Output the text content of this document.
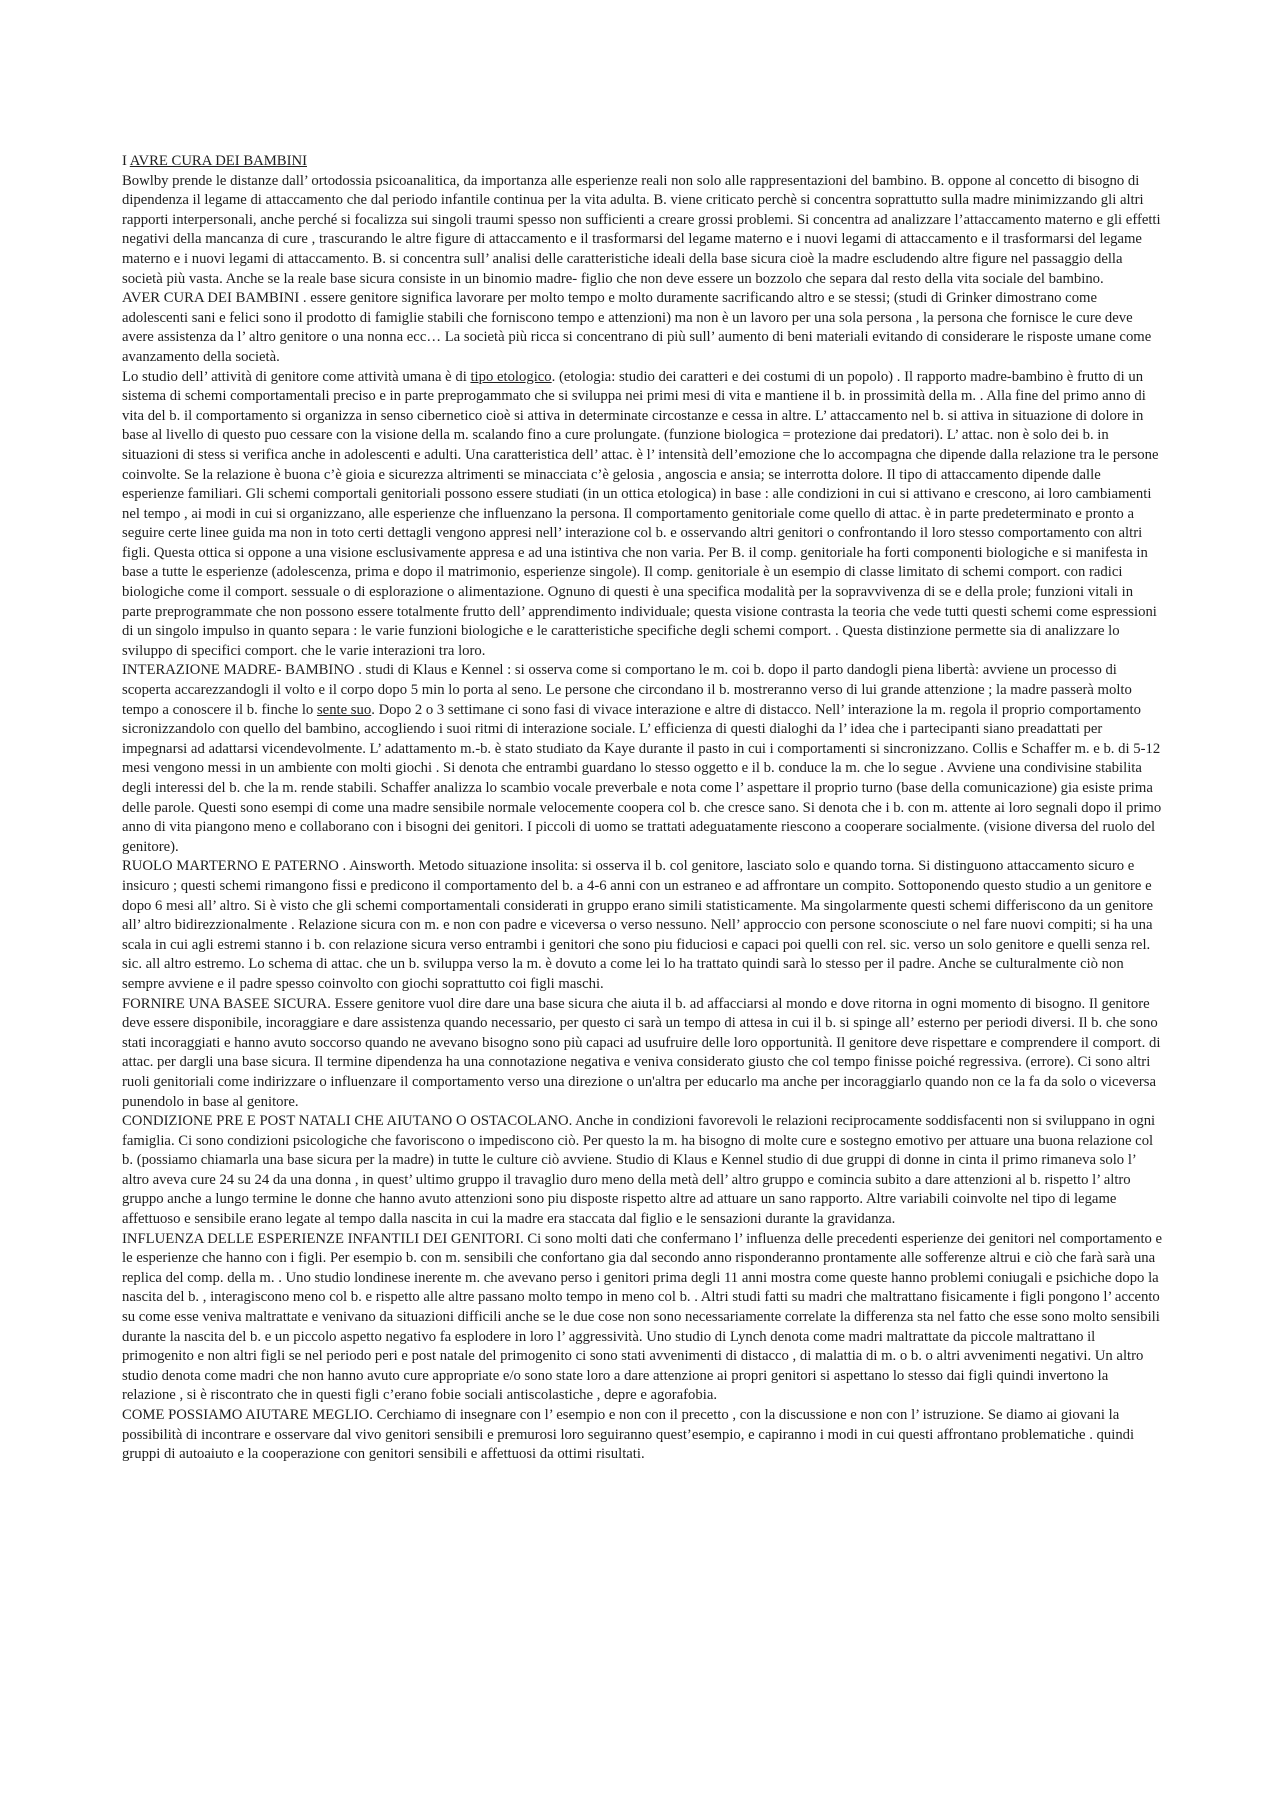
I AVRE CURA DEI BAMBINI

Bowlby prende le distanze dall’ ortodossia psicoanalitica, da importanza alle esperienze reali non solo alle rappresentazioni del bambino. B. oppone al concetto di bisogno di dipendenza il legame di attaccamento che dal periodo infantile continua per la vita adulta. B. viene criticato perchè si concentra soprattutto sulla madre minimizzando gli altri rapporti interpersonali, anche perché si focalizza sui singoli traumi spesso non sufficienti a creare grossi problemi. Si concentra ad analizzare l’attaccamento materno e gli effetti negativi della mancanza di cure , trascurando le altre figure di attaccamento e il trasformarsi del legame materno e i nuovi legami di attaccamento e il trasformarsi del legame materno e i nuovi legami di attaccamento. B. si concentra sull’ analisi delle caratteristiche ideali della base sicura cioè la madre escludendo altre figure nel passaggio della società più vasta. Anche se la reale base sicura consiste in un binomio madre- figlio che non deve essere un bozzolo che separa dal resto della vita sociale del bambino.

AVER CURA DEI BAMBINI . essere genitore significa lavorare per molto tempo e molto duramente sacrificando altro e se stessi; (studi di Grinker dimostrano come adolescenti sani e felici sono il prodotto di famiglie stabili che forniscono tempo e attenzioni) ma non è un lavoro per una sola persona , la persona che fornisce le cure deve avere assistenza da l’ altro genitore o una nonna ecc… La società più ricca si concentrano di più sull’ aumento di beni materiali evitando di considerare le risposte umane come avanzamento della società.

Lo studio dell’ attività di genitore come attività umana è di tipo etologico. (etologia: studio dei caratteri e dei costumi di un popolo) . Il rapporto madre-bambino è frutto di un sistema di schemi comportamentali preciso e in parte preprogammato che si sviluppa nei primi mesi di vita e mantiene il b. in prossimità della m. . Alla fine del primo anno di vita del b. il comportamento si organizza in senso cibernetico cioè si attiva in determinate circostanze e cessa in altre. L’ attaccamento nel b. si attiva in situazione di dolore in base al livello di questo puo cessare con la visione della m. scalando fino a cure prolungate. (funzione biologica = protezione dai predatori). L’ attac. non è solo dei b. in situazioni di stess si verifica anche in adolescenti e adulti. Una caratteristica dell’ attac. è l’ intensità dell’emozione che lo accompagna che dipende dalla relazione tra le persone coinvolte. Se la relazione è buona c’è gioia e sicurezza altrimenti se minacciata c’è gelosia , angoscia e ansia; se interrotta dolore. Il tipo di attaccamento dipende dalle esperienze familiari. Gli schemi comportali genitoriali possono essere studiati (in un ottica etologica) in base : alle condizioni in cui si attivano e crescono, ai loro cambiamenti nel tempo , ai modi in cui si organizzano, alle esperienze che influenzano la persona. Il comportamento genitoriale come quello di attac. è in parte predeterminato e pronto a seguire certe linee guida ma non in toto certi dettagli vengono appresi nell’ interazione col b. e osservando altri genitori o confrontando il loro stesso comportamento con altri figli. Questa ottica si oppone a una visione esclusivamente appresa e ad una istintiva che non varia. Per B. il comp. genitoriale ha forti componenti biologiche e si manifesta in base a tutte le esperienze (adolescenza, prima e dopo il matrimonio, esperienze singole). Il comp. genitoriale è un esempio di classe limitato di schemi comport. con radici biologiche come il comport. sessuale o di esplorazione o alimentazione. Ognuno di questi è una specifica modalità per la sopravvivenza di se e della prole; funzioni vitali in parte preprogrammate che non possono essere totalmente frutto dell’ apprendimento individuale; questa visione contrasta la teoria che vede tutti questi schemi come espressioni di un singolo impulso in quanto separa : le varie funzioni biologiche e le caratteristiche specifiche degli schemi comport. . Questa distinzione permette sia di analizzare lo sviluppo di specifici comport. che le varie interazioni tra loro.

INTERAZIONE MADRE- BAMBINO . studi di Klaus e Kennel : si osserva come si comportano le m. coi b. dopo il parto dandogli piena libertà: avviene un processo di scoperta accarezzandogli il volto e il corpo dopo 5 min lo porta al seno. Le persone che circondano il b. mostreranno verso di lui grande attenzione ; la madre passerà molto tempo a conoscere il b. finche lo sente suo. Dopo 2 o 3 settimane ci sono fasi di vivace interazione e altre di distacco. Nell’ interazione la m. regola il proprio comportamento sicronizzandolo con quello del bambino, accogliendo i suoi ritmi di interazione sociale. L’ efficienza di questi dialoghi da l’ idea che i partecipanti siano preadattati per impegnarsi ad adattarsi vicendevolmente. L’ adattamento m.-b. è stato studiato da Kaye durante il pasto in cui i comportamenti si sincronizzano. Collis e Schaffer m. e b. di 5-12 mesi vengono messi in un ambiente con molti giochi . Si denota che entrambi guardano lo stesso oggetto e il b. conduce la m. che lo segue . Avviene una condivisine stabilita degli interessi del b. che la m. rende stabili. Schaffer analizza lo scambio vocale preverbale e nota come l’ aspettare il proprio turno (base della comunicazione) gia esiste prima delle parole. Questi sono esempi di come una madre sensibile normale velocemente coopera col b. che cresce sano. Si denota che i b. con m. attente ai loro segnali dopo il primo anno di vita piangono meno e collaborano con i bisogni dei genitori. I piccoli di uomo se trattati adeguatamente riescono a cooperare socialmente. (visione diversa del ruolo del genitore).

RUOLO MARTERNO E PATERNO . Ainsworth. Metodo situazione insolita: si osserva il b. col genitore, lasciato solo e quando torna. Si distinguono attaccamento sicuro e insicuro ; questi schemi rimangono fissi e predicono il comportamento del b. a 4-6 anni con un estraneo e ad affrontare un compito. Sottoponendo questo studio a un genitore e dopo 6 mesi all’ altro. Si è visto che gli schemi comportamentali considerati in gruppo erano simili statisticamente. Ma singolarmente questi schemi differiscono da un genitore all’ altro bidirezzionalmente . Relazione sicura con m. e non con padre e viceversa o verso nessuno. Nell’ approccio con persone sconosciute o nel fare nuovi compiti; si ha una scala in cui agli estremi stanno i b. con relazione sicura verso entrambi i genitori che sono piu fiduciosi e capaci poi quelli con rel. sic. verso un solo genitore e quelli senza rel. sic. all altro estremo. Lo schema di attac. che un b. sviluppa verso la m. è dovuto a come lei lo ha trattato quindi sarà lo stesso per il padre. Anche se culturalmente ciò non sempre avviene e il padre spesso coinvolto con giochi soprattutto coi figli maschi.

FORNIRE UNA BASEE SICURA. Essere genitore vuol dire dare una base sicura che aiuta il b. ad affacciarsi al mondo e dove ritorna in ogni momento di bisogno. Il genitore deve essere disponibile, incoraggiare e dare assistenza quando necessario, per questo ci sarà un tempo di attesa in cui il b. si spinge all’ esterno per periodi diversi. Il b. che sono stati incoraggiati e hanno avuto soccorso quando ne avevano bisogno sono più capaci ad usufruire delle loro opportunità. Il genitore deve rispettare e comprendere il comport. di attac. per dargli una base sicura. Il termine dipendenza ha una connotazione negativa e veniva considerato giusto che col tempo finisse poiché regressiva. (errore). Ci sono altri ruoli genitoriali come indirizzare o influenzare il comportamento verso una direzione o un'altra per educarlo ma anche per incoraggiarlo quando non ce la fa da solo o viceversa punendolo in base al genitore.

CONDIZIONE PRE E POST NATALI CHE AIUTANO O OSTACOLANO. Anche in condizioni favorevoli le relazioni reciprocamente soddisfacenti non si sviluppano in ogni famiglia. Ci sono condizioni psicologiche che favoriscono o impediscono ciò. Per questo la m. ha bisogno di molte cure e sostegno emotivo per attuare una buona relazione col b. (possiamo chiamarla una base sicura per la madre) in tutte le culture ciò avviene. Studio di Klaus e Kennel studio di due gruppi di donne in cinta il primo rimaneva solo l’ altro aveva cure 24 su 24 da una donna , in quest’ ultimo gruppo il travaglio duro meno della metà dell’ altro gruppo e comincia subito a dare attenzioni al b. rispetto l’ altro gruppo anche a lungo termine le donne che hanno avuto attenzioni sono piu disposte rispetto altre ad attuare un sano rapporto. Altre variabili coinvolte nel tipo di legame affettuoso e sensibile erano legate al tempo dalla nascita in cui la madre era staccata dal figlio e le sensazioni durante la gravidanza.

INFLUENZA DELLE ESPERIENZE INFANTILI DEI GENITORI. Ci sono molti dati che confermano l’ influenza delle precedenti esperienze dei genitori nel comportamento e le esperienze che hanno con i figli. Per esempio b. con m. sensibili che confortano gia dal secondo anno risponderanno prontamente alle sofferenze altrui e ciò che farà sarà una replica del comp. della m. . Uno studio londinese inerente m. che avevano perso i genitori prima degli 11 anni mostra come queste hanno problemi coniugali e psichiche dopo la nascita del b. , interagiscono meno col b. e rispetto alle altre passano molto tempo in meno col b. . Altri studi fatti su madri che maltrattano fisicamente i figli pongono l’ accento su come esse veniva maltrattate e venivano da situazioni difficili anche se le due cose non sono necessariamente correlate la differenza sta nel fatto che esse sono molto sensibili durante la nascita del b. e un piccolo aspetto negativo fa esplodere in loro l’ aggressività. Uno studio di Lynch denota come madri maltrattate da piccole maltrattano il primogenito e non altri figli se nel periodo peri e post natale del primogenito ci sono stati avvenimenti di distacco , di malattia di m. o b. o altri avvenimenti negativi. Un altro studio denota come madri che non hanno avuto cure appropriate e/o sono state loro a dare attenzione ai propri genitori si aspettano lo stesso dai figli quindi invertono la relazione , si è riscontrato che in questi figli c’erano fobie sociali antiscolastiche , depre e agorafobia.

COME POSSIAMO AIUTARE MEGLIO. Cerchiamo di insegnare con l’ esempio e non con il precetto , con la discussione e non con l’ istruzione. Se diamo ai giovani la possibilità di incontrare e osservare dal vivo genitori sensibili e premurosi loro seguiranno quest’esempio, e capiranno i modi in cui questi affrontano problematiche . quindi gruppi di autoaiuto e la cooperazione con genitori sensibili e affettuosi da ottimi risultati.
